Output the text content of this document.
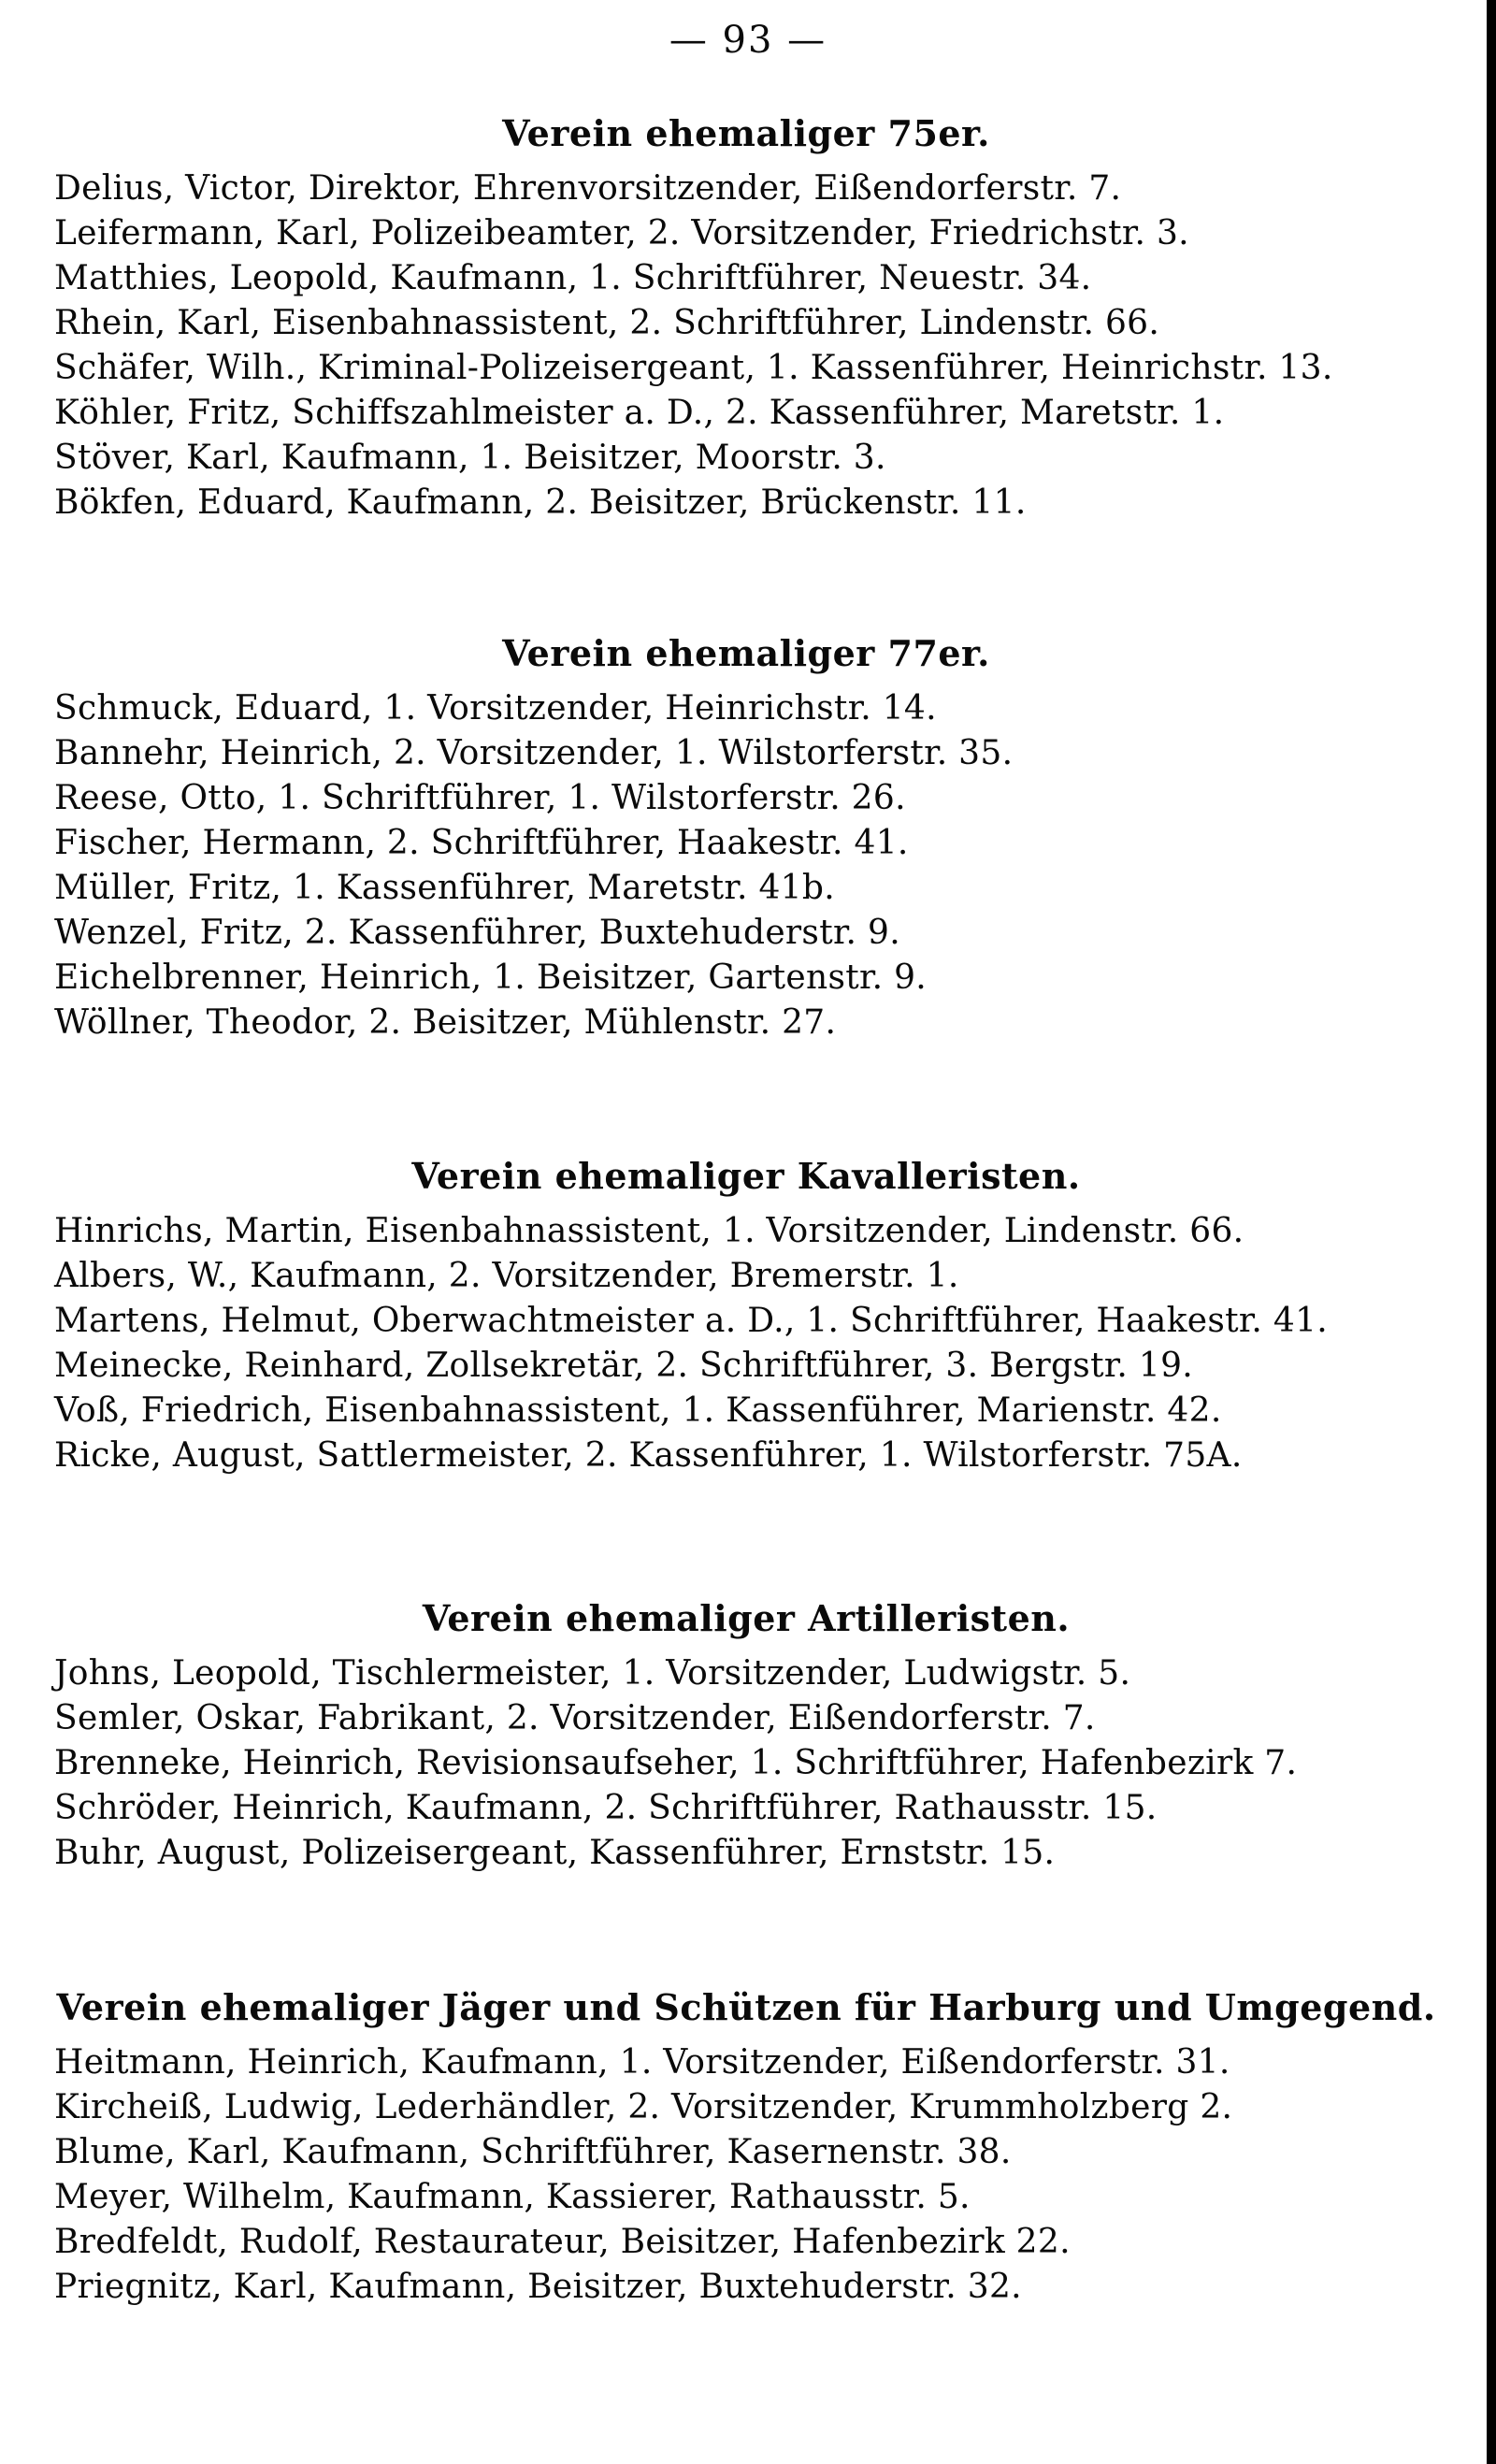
— 93 —
Verein ehemaliger 75er.
Delius, Victor, Direktor, Ehrenvorsitzender, Eißendorferstr. 7.
Leifermann, Karl, Polizeibeamter, 2. Vorsitzender, Friedrichstr. 3.
Matthies, Leopold, Kaufmann, 1. Schriftführer, Neuestr. 34.
Rhein, Karl, Eisenbahnassistent, 2. Schriftführer, Lindenstr. 66.
Schäfer, Wilh., Kriminal-Polizeisergeant, 1. Kassenführer, Heinrichstr. 13.
Köhler, Fritz, Schiffszahlmeister a. D., 2. Kassenführer, Maretstr. 1.
Stöver, Karl, Kaufmann, 1. Beisitzer, Moorstr. 3.
Bökfen, Eduard, Kaufmann, 2. Beisitzer, Brückenstr. 11.
Verein ehemaliger 77er.
Schmuck, Eduard, 1. Vorsitzender, Heinrichstr. 14.
Bannehr, Heinrich, 2. Vorsitzender, 1. Wilstorferstr. 35.
Reese, Otto, 1. Schriftführer, 1. Wilstorferstr. 26.
Fischer, Hermann, 2. Schriftführer, Haakestr. 41.
Müller, Fritz, 1. Kassenführer, Maretstr. 41b.
Wenzel, Fritz, 2. Kassenführer, Buxtehuderstr. 9.
Eichelbrenner, Heinrich, 1. Beisitzer, Gartenstr. 9.
Wöllner, Theodor, 2. Beisitzer, Mühlenstr. 27.
Verein ehemaliger Kavalleristen.
Hinrichs, Martin, Eisenbahnassistent, 1. Vorsitzender, Lindenstr. 66.
Albers, W., Kaufmann, 2. Vorsitzender, Bremerstr. 1.
Martens, Helmut, Oberwachtmeister a. D., 1. Schriftführer, Haakestr. 41.
Meinecke, Reinhard, Zollsekretär, 2. Schriftführer, 3. Bergstr. 19.
Voß, Friedrich, Eisenbahnassistent, 1. Kassenführer, Marienstr. 42.
Ricke, August, Sattlermeister, 2. Kassenführer, 1. Wilstorferstr. 75A.
Verein ehemaliger Artilleristen.
Johns, Leopold, Tischlermeister, 1. Vorsitzender, Ludwigstr. 5.
Semler, Oskar, Fabrikant, 2. Vorsitzender, Eißendorferstr. 7.
Brenneke, Heinrich, Revisionsaufseher, 1. Schriftführer, Hafenbezirk 7.
Schröder, Heinrich, Kaufmann, 2. Schriftführer, Rathausstr. 15.
Buhr, August, Polizeisergeant, Kassenführer, Ernststr. 15.
Verein ehemaliger Jäger und Schützen für Harburg und Umgegend.
Heitmann, Heinrich, Kaufmann, 1. Vorsitzender, Eißendorferstr. 31.
Kircheiß, Ludwig, Lederhändler, 2. Vorsitzender, Krummholzberg 2.
Blume, Karl, Kaufmann, Schriftführer, Kasernenstr. 38.
Meyer, Wilhelm, Kaufmann, Kassierer, Rathausstr. 5.
Bredfeldt, Rudolf, Restaurateur, Beisitzer, Hafenbezirk 22.
Priegnitz, Karl, Kaufmann, Beisitzer, Buxtehuderstr. 32.
